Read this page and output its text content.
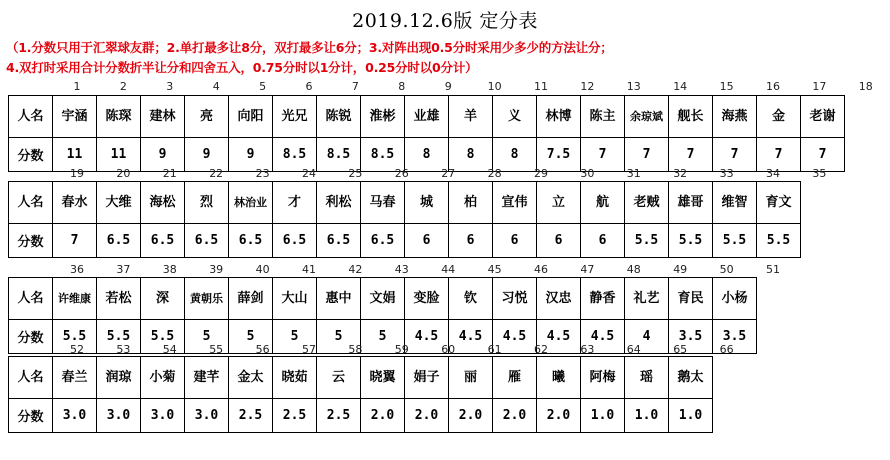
2019.12.6版 定分表
（1.分数只用于汇翠球友群；2.单打最多让8分，双打最多让6分；3.对阵出现0.5分时采用少多少的方法让分；
4.双打时采用合计分数折半让分和四舍五入，0.75分时以1分计，0.25分时以0分计）
1	2	3	4	5	6	7	8	9	10	11	12	13	14	15	16	17	18
人名	宇涵	陈琛	建林	亮	向阳	光兄	陈锐	淮彬	业雄	羊	义	林博	陈主	余琼斌	舰长	海燕	金	老谢
分数	11	11	9	9	9	8.5	8.5	8.5	8	8	8	7.5	7	7	7	7	7	7
19	20	21	22	23	24	25	26	27	28	29	30	31	32	33	34	35
人名	春水	大维	海松	烈	林治业	才	利松	马春	城	柏	宣伟	立	航	老贼	雄哥	维智	育文
分数	7	6.5	6.5	6.5	6.5	6.5	6.5	6.5	6	6	6	6	6	5.5	5.5	5.5	5.5
36	37	38	39	40	41	42	43	44	45	46	47	48	49	50	51
人名	许维康	若松	深	黄朝乐	薛剑	大山	惠中	文娟	变脸	钦	习悦	汉忠	静香	礼艺	育民	小杨
分数	5.5	5.5	5.5	5	5	5	5	5	4.5	4.5	4.5	4.5	4.5	4	3.5	3.5
52	53	54	55	56	57	58	59	60	61	62	63	64	65	66
人名	春兰	润琼	小菊	建芊	金太	晓茹	云	晓翼	娟子	丽	雁	曦	阿梅	瑶	鹅太
分数	3.0	3.0	3.0	3.0	2.5	2.5	2.5	2.0	2.0	2.0	2.0	2.0	1.0	1.0	1.0
